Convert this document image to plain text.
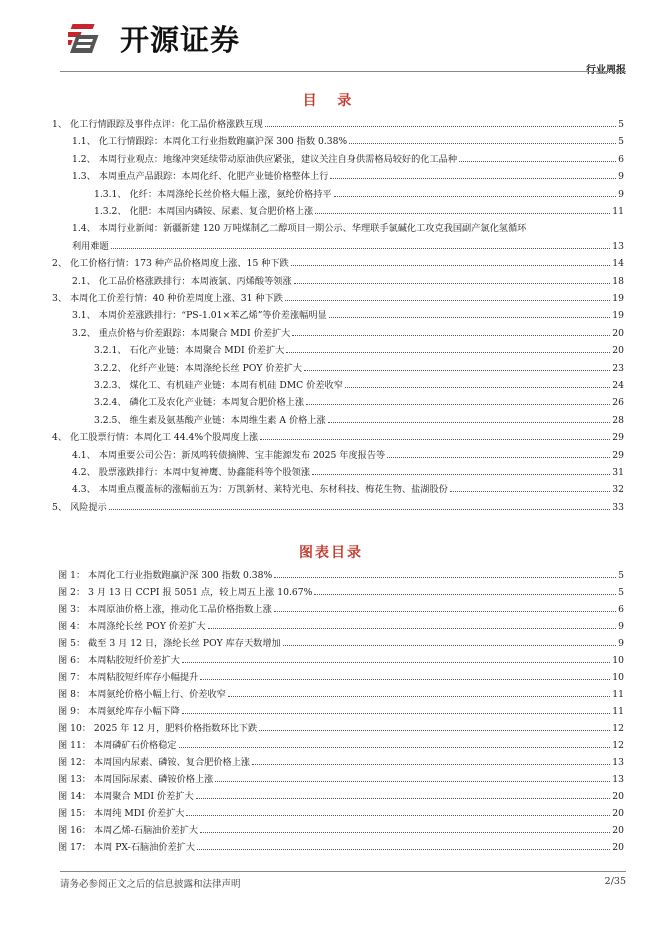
开源证券
目 录
1、 化工行情跟踪及事件点评：化工品价格涨跌互现	5
1.1、 化工行情跟踪：本周化工行业指数跑赢沪深 300 指数 0.38%	5
1.2、 本周行业观点：地缘冲突延续带动原油供应紧张，建议关注自身供需格局较好的化工品种	6
1.3、 本周重点产品跟踪：本周化纤、化肥产业链价格整体上行	9
1.3.1、 化纤：本周涤纶长丝价格大幅上涨，氨纶价格持平	9
1.3.2、 化肥：本周国内磷铵、尿素、复合肥价格上涨	11
1.4、 本周行业新闻：新疆新建 120 万吨煤制乙二醇项目一期公示、华理联手氯碱化工攻克我国副产氯化氢循环
利用难题	13
2、 化工价格行情：173 种产品价格周度上涨、15 种下跌	14
2.1、 化工品价格涨跌排行：本周液氯、丙烯酸等领涨	18
3、 本周化工价差行情：40 种价差周度上涨、31 种下跌	19
3.1、 本周价差涨跌排行：“PS-1.01×苯乙烯”等价差涨幅明显	19
3.2、 重点价格与价差跟踪：本周聚合 MDI 价差扩大	20
3.2.1、 石化产业链：本周聚合 MDI 价差扩大	20
3.2.2、 化纤产业链：本周涤纶长丝 POY 价差扩大	23
3.2.3、 煤化工、有机硅产业链：本周有机硅 DMC 价差收窄	24
3.2.4、 磷化工及农化产业链：本周复合肥价格上涨	26
3.2.5、 维生素及氨基酸产业链：本周维生素 A 价格上涨	28
4、 化工股票行情：本周化工 44.4%个股周度上涨	29
4.1、 本周重要公司公告：新凤鸣转债摘牌、宝丰能源发布 2025 年度报告等	29
4.2、 股票涨跌排行：本周中复神鹰、协鑫能科等个股领涨	31
4.3、 本周重点覆盖标的涨幅前五为：万凯新材、莱特光电、东材科技、梅花生物、盐湖股份	32
5、 风险提示	33
图表目录
图 1： 本周化工行业指数跑赢沪深 300 指数 0.38%	5
图 2： 3 月 13 日 CCPI 报 5051 点，较上周五上涨 10.67%	5
图 3： 本周原油价格上涨，推动化工品价格指数上涨	6
图 4： 本周涤纶长丝 POY 价差扩大	9
图 5： 截至 3 月 12 日，涤纶长丝 POY 库存天数增加	9
图 6： 本周粘胶短纤价差扩大	10
图 7： 本周粘胶短纤库存小幅提升	10
图 8： 本周氨纶价格小幅上行、价差收窄	11
图 9： 本周氨纶库存小幅下降	11
图 10： 2025 年 12 月，肥料价格指数环比下跌	12
图 11： 本周磷矿石价格稳定	12
图 12： 本周国内尿素、磷铵、复合肥价格上涨	13
图 13： 本周国际尿素、磷铵价格上涨	13
图 14： 本周聚合 MDI 价差扩大	20
图 15： 本周纯 MDI 价差扩大	20
图 16： 本周乙烯-石脑油价差扩大	20
图 17： 本周 PX-石脑油价差扩大	20
请务必参阅正文之后的信息披露和法律声明	2/35
